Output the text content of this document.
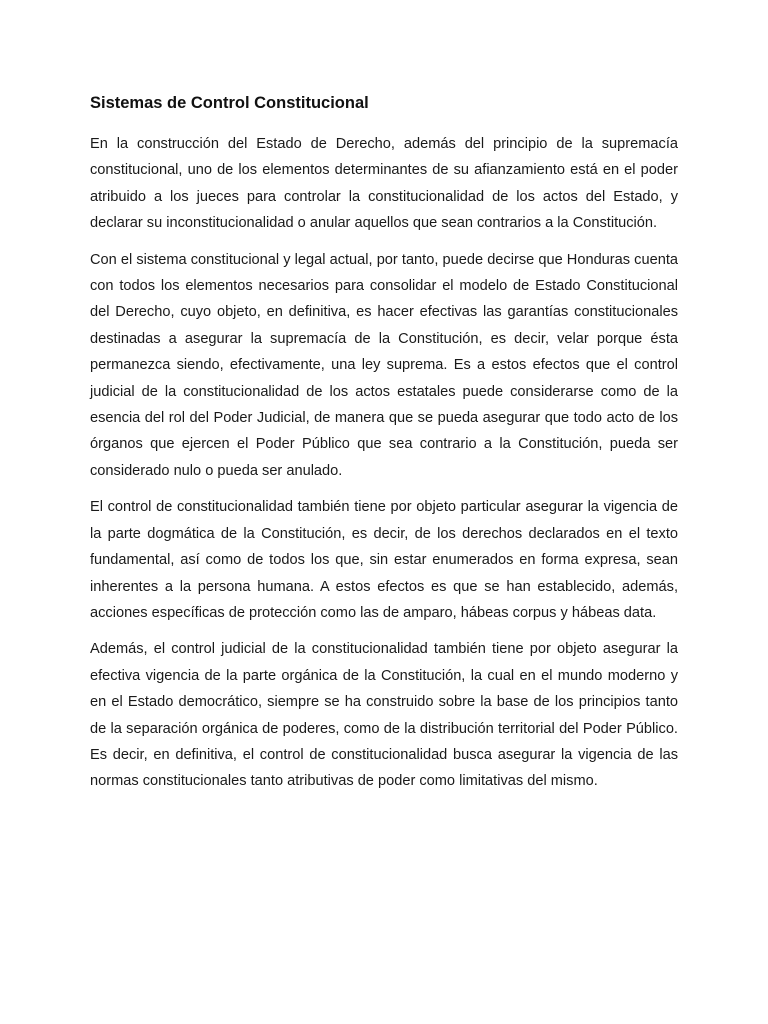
Sistemas de Control Constitucional

En la construcción del Estado de Derecho, además del principio de la supremacía constitucional, uno de los elementos determinantes de su afianzamiento está en el poder atribuido a los jueces para controlar la constitucionalidad de los actos del Estado, y declarar su inconstitucionalidad o anular aquellos que sean contrarios a la Constitución.

Con el sistema constitucional y legal actual, por tanto, puede decirse que Honduras cuenta con todos los elementos necesarios para consolidar el modelo de Estado Constitucional del Derecho, cuyo objeto, en definitiva, es hacer efectivas las garantías constitucionales destinadas a asegurar la supremacía de la Constitución, es decir, velar porque ésta permanezca siendo, efectivamente, una ley suprema. Es a estos efectos que el control judicial de la constitucionalidad de los actos estatales puede considerarse como de la esencia del rol del Poder Judicial, de manera que se pueda asegurar que todo acto de los órganos que ejercen el Poder Público que sea contrario a la Constitución, pueda ser considerado nulo o pueda ser anulado.

El control de constitucionalidad también tiene por objeto particular asegurar la vigencia de la parte dogmática de la Constitución, es decir, de los derechos declarados en el texto fundamental, así como de todos los que, sin estar enumerados en forma expresa, sean inherentes a la persona humana. A estos efectos es que se han establecido, además, acciones específicas de protección como las de amparo, hábeas corpus y hábeas data.

Además, el control judicial de la constitucionalidad también tiene por objeto asegurar la efectiva vigencia de la parte orgánica de la Constitución, la cual en el mundo moderno y en el Estado democrático, siempre se ha construido sobre la base de los principios tanto de la separación orgánica de poderes, como de la distribución territorial del Poder Público. Es decir, en definitiva, el control de constitucionalidad busca asegurar la vigencia de las normas constitucionales tanto atributivas de poder como limitativas del mismo.
